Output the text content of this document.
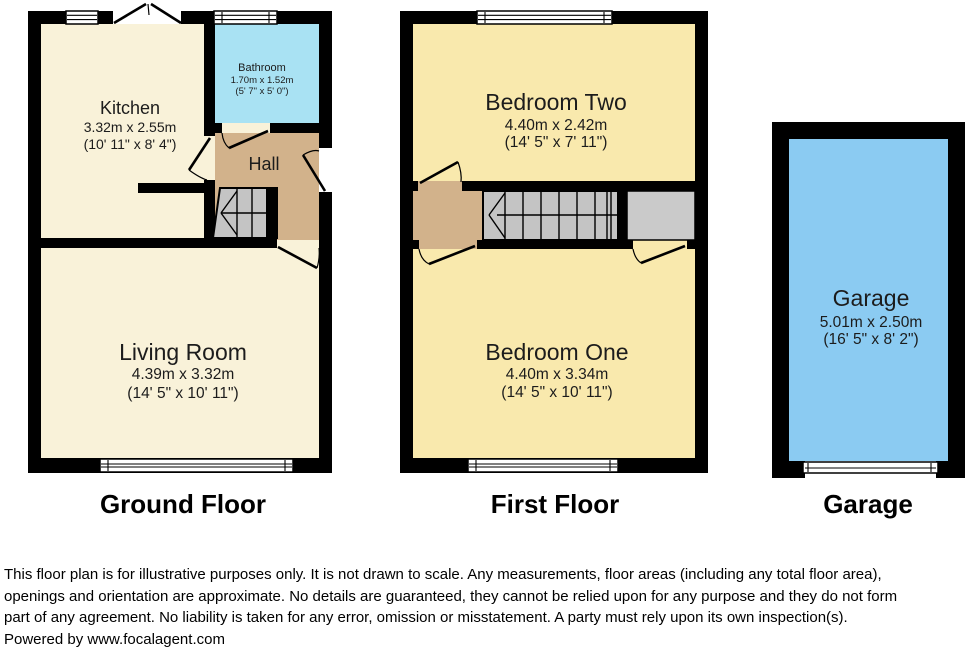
Kitchen
3.32m x 2.55m
(10' 11" x 8' 4")
Bathroom
1.70m x 1.52m
(5' 7" x 5' 0")
Hall
Living Room
4.39m x 3.32m
(14' 5" x 10' 11")
Ground Floor
Bedroom Two
4.40m x 2.42m
(14' 5" x 7' 11")
Bedroom One
4.40m x 3.34m
(14' 5" x 10' 11")
First Floor
Garage
5.01m x 2.50m
(16' 5" x 8' 2")
Garage
This floor plan is for illustrative purposes only. It is not drawn to scale. Any measurements, floor areas (including any total floor area),
openings and orientation are approximate. No details are guaranteed, they cannot be relied upon for any purpose and they do not form
part of any agreement. No liability is taken for any error, omission or misstatement. A party must rely upon its own inspection(s).
Powered by www.focalagent.com
